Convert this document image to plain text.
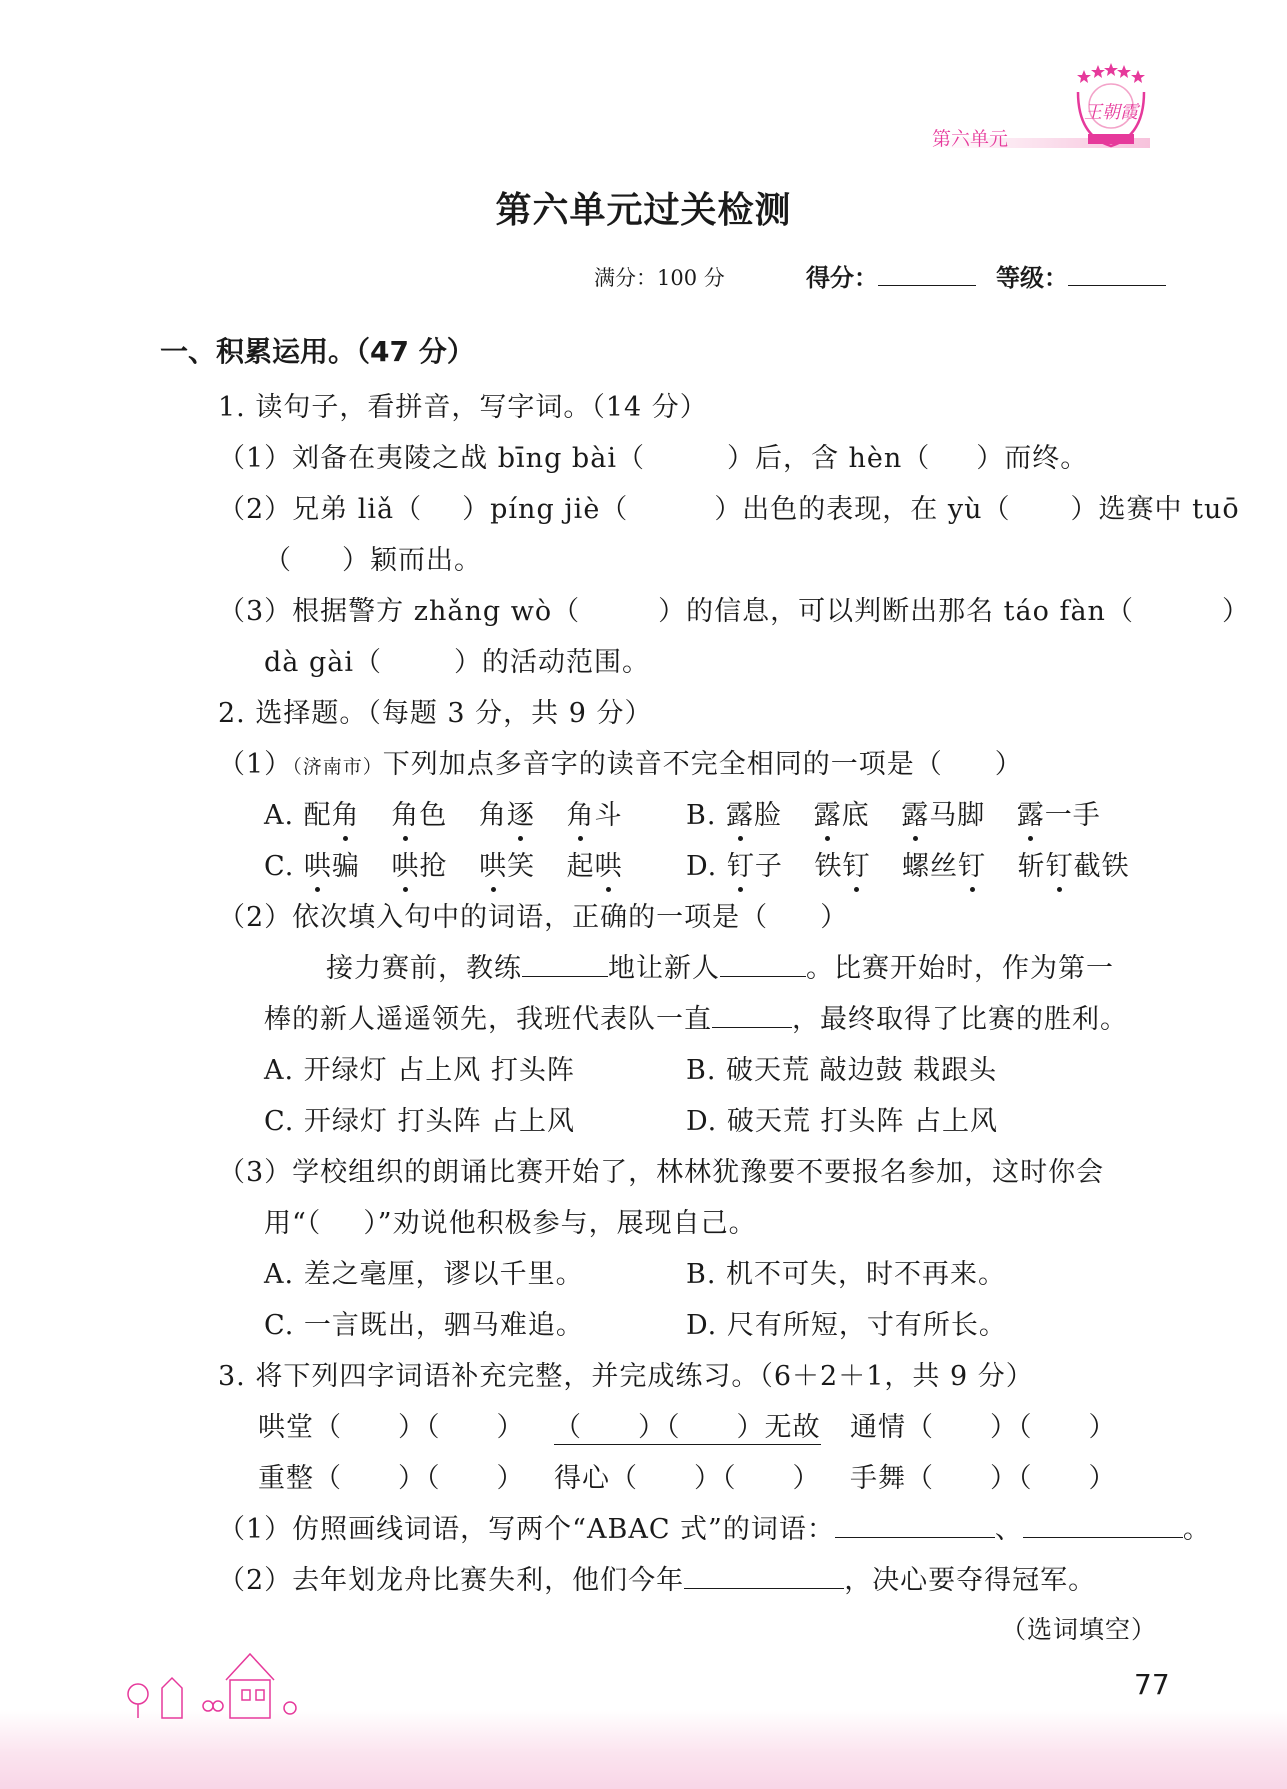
第六单元
王朝霞
第六单元过关检测
满分：100 分	得分：	等级：
一、积累运用。（47 分）
1. 读句子，看拼音，写字词。（14 分）
（1）刘备在夷陵之战 bīng bài（	）后，含 hèn（ ）而终。
（2）兄弟 liǎ（ ）píng jiè（	）出色的表现，在 yù（ ）选赛中 tuō
（ ）颖而出。
（3）根据警方 zhǎng wò（	）的信息，可以判断出那名 táo fàn（	）
dà gài（	）的活动范围。
2. 选择题。（每题 3 分，共 9 分）
（1）（济南市）下列加点多音字的读音不完全相同的一项是（ ）
A. 配角 角色 角逐 角斗 B. 露脸 露底 露马脚 露一手
C. 哄骗 哄抢 哄笑 起哄 D. 钉子 铁钉 螺丝钉 斩钉截铁
（2）依次填入句中的词语，正确的一项是（ ）
接力赛前，教练	地让新人	。比赛开始时，作为第一
棒的新人遥遥领先，我班代表队一直	，最终取得了比赛的胜利。
A. 开绿灯 占上风 打头阵	B. 破天荒 敲边鼓 栽跟头
C. 开绿灯 打头阵 占上风	D. 破天荒 打头阵 占上风
（3）学校组织的朗诵比赛开始了，林林犹豫要不要报名参加，这时你会
用“（ ）”劝说他积极参与，展现自己。
A. 差之毫厘，谬以千里。	B. 机不可失，时不再来。
C. 一言既出，驷马难追。	D. 尺有所短，寸有所长。
3. 将下列四字词语补充完整，并完成练习。（6＋2＋1，共 9 分）
哄堂（　　）（　　） （　　）（　　）无故 通情（　　）（　　）
重整（　　）（　　） 得心（　　）（　　） 手舞（　　）（　　）
（1）仿照画线词语，写两个“ABAC 式”的词语：	、	。
（2）去年划龙舟比赛失利，他们今年	，决心要夺得冠军。
（选词填空）
77
